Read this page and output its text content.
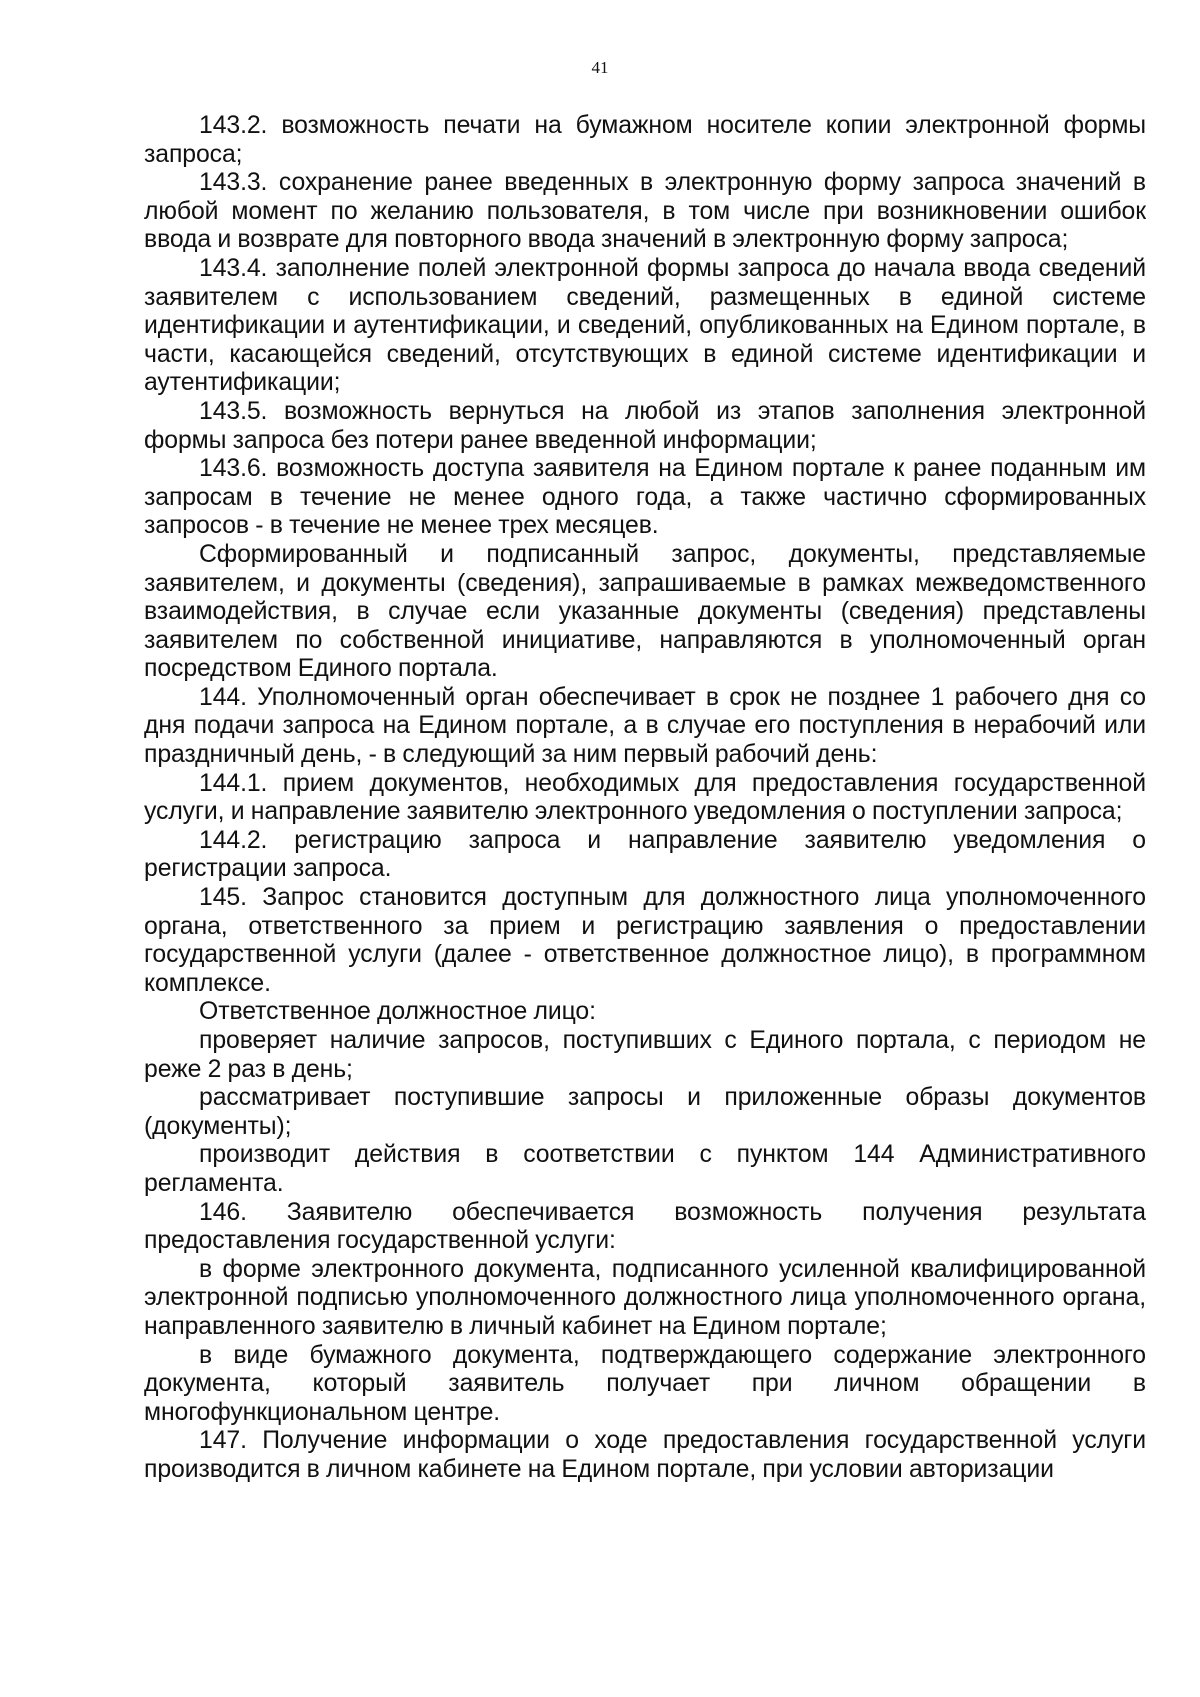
41

143.2. возможность печати на бумажном носителе копии электронной формы запроса;

143.3. сохранение ранее введенных в электронную форму запроса значений в любой момент по желанию пользователя, в том числе при возникновении ошибок ввода и возврате для повторного ввода значений в электронную форму запроса;

143.4. заполнение полей электронной формы запроса до начала ввода сведений заявителем с использованием сведений, размещенных в единой системе идентификации и аутентификации, и сведений, опубликованных на Едином портале, в части, касающейся сведений, отсутствующих в единой системе идентификации и аутентификации;

143.5. возможность вернуться на любой из этапов заполнения электронной формы запроса без потери ранее введенной информации;

143.6. возможность доступа заявителя на Едином портале к ранее поданным им запросам в течение не менее одного года, а также частично сформированных запросов - в течение не менее трех месяцев.

Сформированный и подписанный запрос, документы, представляемые заявителем, и документы (сведения), запрашиваемые в рамках межведомственного взаимодействия, в случае если указанные документы (сведения) представлены заявителем по собственной инициативе, направляются в уполномоченный орган посредством Единого портала.

144. Уполномоченный орган обеспечивает в срок не позднее 1 рабочего дня со дня подачи запроса на Едином портале, а в случае его поступления в нерабочий или праздничный день, - в следующий за ним первый рабочий день:

144.1. прием документов, необходимых для предоставления государственной услуги, и направление заявителю электронного уведомления о поступлении запроса;

144.2. регистрацию запроса и направление заявителю уведомления о регистрации запроса.

145. Запрос становится доступным для должностного лица уполномоченного органа, ответственного за прием и регистрацию заявления о предоставлении государственной услуги (далее - ответственное должностное лицо), в программном комплексе.

Ответственное должностное лицо:

проверяет наличие запросов, поступивших с Единого портала, с периодом не реже 2 раз в день;

рассматривает поступившие запросы и приложенные образы документов (документы);

производит действия в соответствии с пунктом 144 Административного регламента.

146. Заявителю обеспечивается возможность получения результата предоставления государственной услуги:

в форме электронного документа, подписанного усиленной квалифицированной электронной подписью уполномоченного должностного лица уполномоченного органа, направленного заявителю в личный кабинет на Едином портале;

в виде бумажного документа, подтверждающего содержание электронного документа, который заявитель получает при личном обращении в многофункциональном центре.

147. Получение информации о ходе предоставления государственной услуги производится в личном кабинете на Едином портале, при условии авторизации
